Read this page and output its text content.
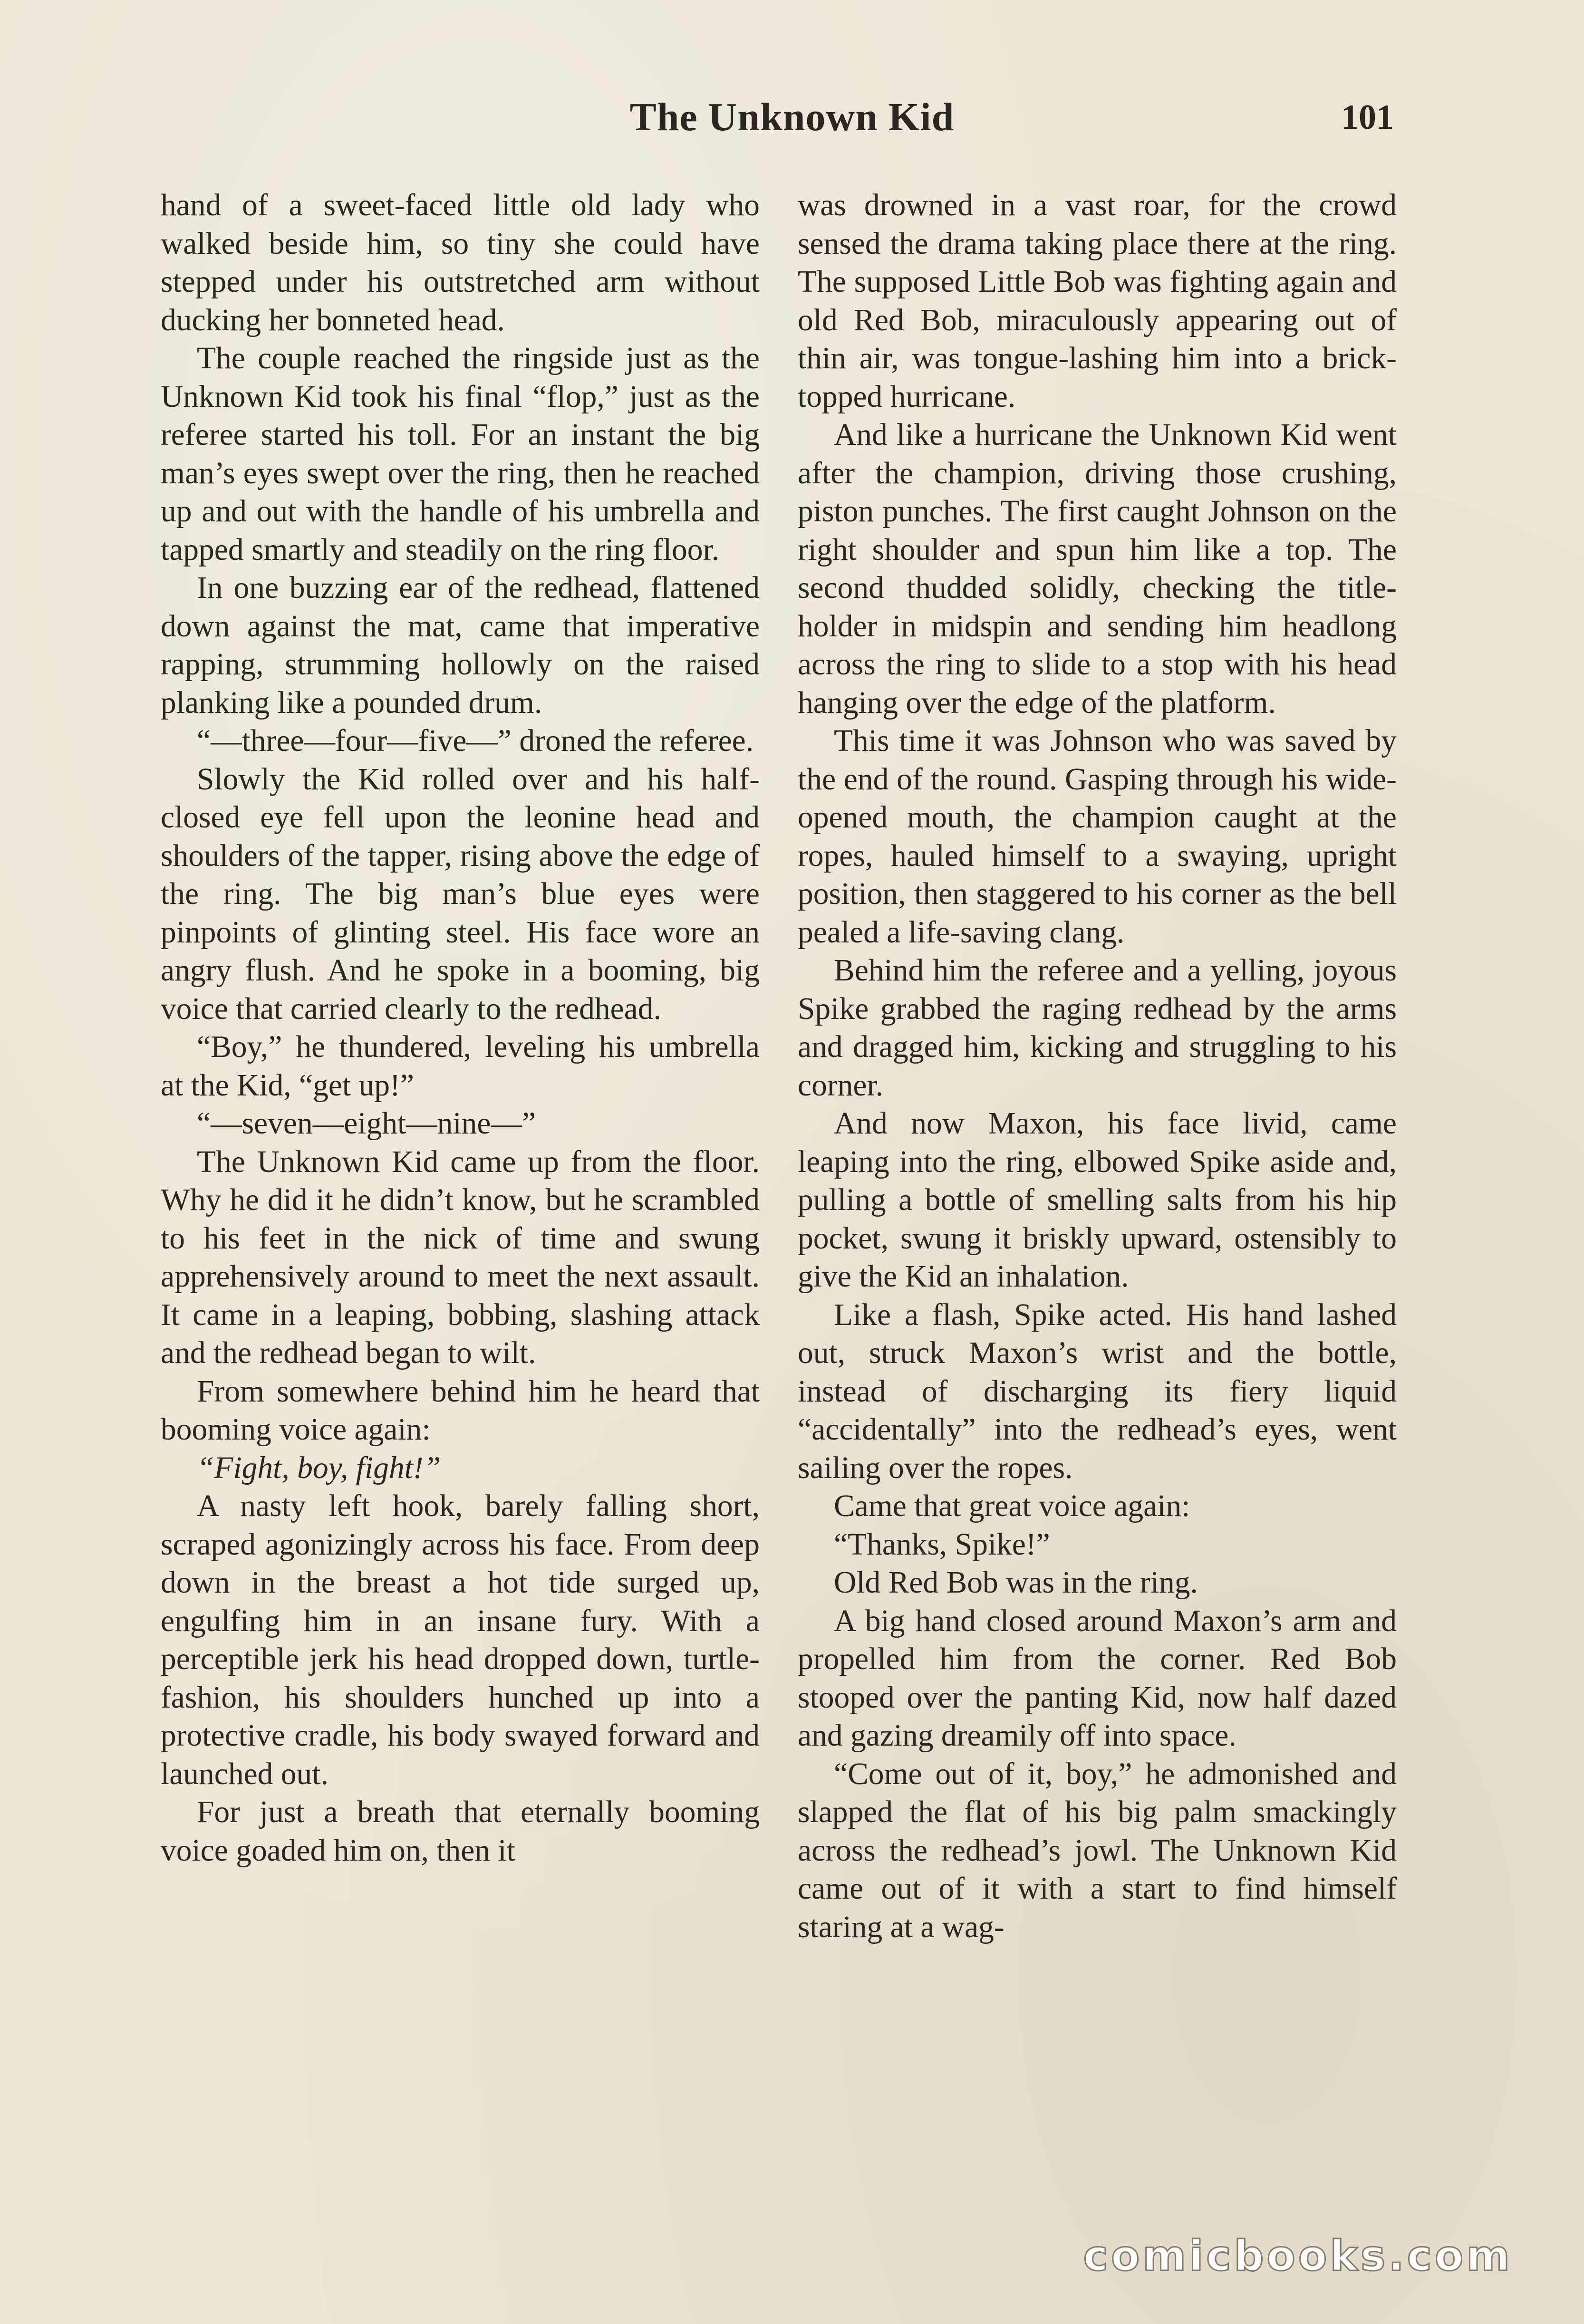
The Unknown Kid	101

hand of a sweet-faced little old lady who walked beside him, so tiny she could have stepped under his outstretched arm without ducking her bonneted head.

The couple reached the ringside just as the Unknown Kid took his final “flop,” just as the referee started his toll. For an instant the big man’s eyes swept over the ring, then he reached up and out with the handle of his umbrella and tapped smartly and steadily on the ring floor.

In one buzzing ear of the redhead, flattened down against the mat, came that imperative rapping, strumming hollowly on the raised planking like a pounded drum.

“—three—four—five—” droned the referee.

Slowly the Kid rolled over and his half-closed eye fell upon the leonine head and shoulders of the tapper, rising above the edge of the ring. The big man’s blue eyes were pinpoints of glinting steel. His face wore an angry flush. And he spoke in a booming, big voice that carried clearly to the redhead.

“Boy,” he thundered, leveling his umbrella at the Kid, “get up!”

“—seven—eight—nine—”

The Unknown Kid came up from the floor. Why he did it he didn’t know, but he scrambled to his feet in the nick of time and swung apprehensively around to meet the next assault. It came in a leaping, bobbing, slashing attack and the redhead began to wilt.

From somewhere behind him he heard that booming voice again:

“Fight, boy, fight!”

A nasty left hook, barely falling short, scraped agonizingly across his face. From deep down in the breast a hot tide surged up, engulfing him in an insane fury. With a perceptible jerk his head dropped down, turtle-fashion, his shoulders hunched up into a protective cradle, his body swayed forward and launched out.

For just a breath that eternally booming voice goaded him on, then it

was drowned in a vast roar, for the crowd sensed the drama taking place there at the ring. The supposed Little Bob was fighting again and old Red Bob, miraculously appearing out of thin air, was tongue-lashing him into a brick-topped hurricane.

And like a hurricane the Unknown Kid went after the champion, driving those crushing, piston punches. The first caught Johnson on the right shoulder and spun him like a top. The second thudded solidly, checking the title-holder in midspin and sending him headlong across the ring to slide to a stop with his head hanging over the edge of the platform.

This time it was Johnson who was saved by the end of the round. Gasping through his wide-opened mouth, the champion caught at the ropes, hauled himself to a swaying, upright position, then staggered to his corner as the bell pealed a life-saving clang.

Behind him the referee and a yelling, joyous Spike grabbed the raging redhead by the arms and dragged him, kicking and struggling to his corner.

And now Maxon, his face livid, came leaping into the ring, elbowed Spike aside and, pulling a bottle of smelling salts from his hip pocket, swung it briskly upward, ostensibly to give the Kid an inhalation.

Like a flash, Spike acted. His hand lashed out, struck Maxon’s wrist and the bottle, instead of discharging its fiery liquid “accidentally” into the redhead’s eyes, went sailing over the ropes.

Came that great voice again:

“Thanks, Spike!”

Old Red Bob was in the ring.

A big hand closed around Maxon’s arm and propelled him from the corner. Red Bob stooped over the panting Kid, now half dazed and gazing dreamily off into space.

“Come out of it, boy,” he admonished and slapped the flat of his big palm smackingly across the redhead’s jowl. The Unknown Kid came out of it with a start to find himself staring at a wag-

comicbooks.com
